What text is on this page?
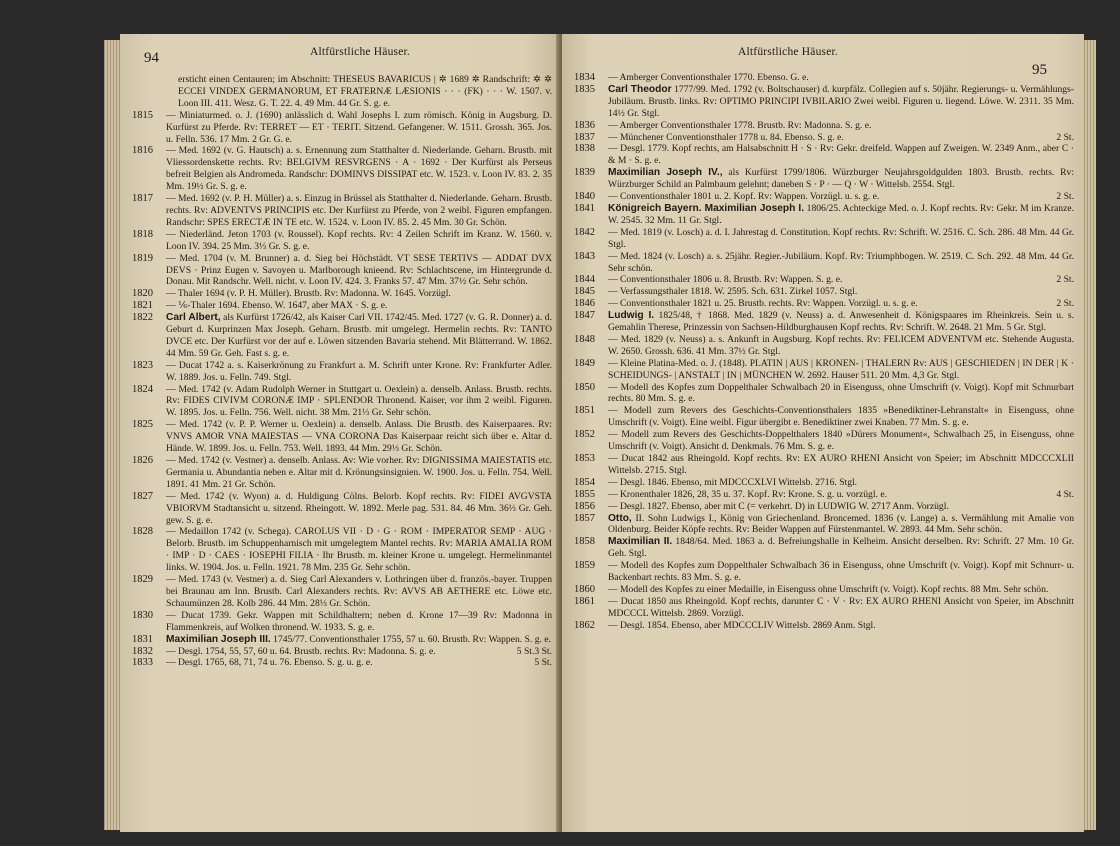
94	Altfürstliche Häuser.

ersticht einen Centauren; im Abschnitt: THESEUS BAVARICUS | ✲ 1689 ✲ Randschrift: ✲ ✲ ECCEI VINDEX GERMANORUM, ET FRATERNÆ LÆSIONIS · · · (FK) · · · W. 1507. v. Loon III. 411. Wesz. G. T. 22. 4. 49 Mm. 44 Gr. S. g. e.

1815 — Miniaturmed. o. J. (1690) anlässlich d. Wahl Josephs I. zum römisch. König in Augsburg. D. Kurfürst zu Pferde. Rv: TERRET — ET · TERIT. Sitzend. Gefangener. W. 1511. Grossh. 365. Jos. u. Felln. 536. 17 Mm. 2 Gr. G. e.

1816 — Med. 1692 (v. G. Hautsch) a. s. Ernennung zum Statthalter d. Niederlande. Geharn. Brustb. mit Vliessordenskette rechts. Rv: BELGIVM RESVRGENS · A · 1692 · Der Kurfürst als Perseus befreit Belgien als Andromeda. Randschr: DOMINVS DISSIPAT etc. W. 1523. v. Loon IV. 83. 2. 35 Mm. 19½ Gr. S. g. e.

1817 — Med. 1692 (v. P. H. Müller) a. s. Einzug in Brüssel als Statthalter d. Niederlande. Geharn. Brustb. rechts. Rv: ADVENTVS PRINCIPIS etc. Der Kurfürst zu Pferde, von 2 weibl. Figuren empfangen. Randschr: SPES ERECTÆ IN TE etc. W. 1524. v. Loon IV. 85. 2. 45 Mm. 30 Gr. Schön.

1818 — Niederländ. Jeton 1703 (v. Roussel). Kopf rechts. Rv: 4 Zeilen Schrift im Kranz. W. 1560. v. Loon IV. 394. 25 Mm. 3⅓ Gr. S. g. e.

1819 — Med. 1704 (v. M. Brunner) a. d. Sieg bei Höchstädt. VT SESE TERTIVS — ADDAT DVX DEVS · Prinz Eugen v. Savoyen u. Marlborough knieend. Rv: Schlachtscene, im Hintergrunde d. Donau. Mit Randschr. Well. nicht. v. Loon IV. 424. 3. Franks 57. 47 Mm. 37½ Gr. Sehr schön.

1820 — Thaler 1694 (v. P. H. Müller). Brustb. Rv: Madonna. W. 1645. Vorzügl.

1821 — ⅙-Thaler 1694. Ebenso. W. 1647, aber MAX · S. g. e.

1822 Carl Albert, als Kurfürst 1726/42, als Kaiser Carl VII. 1742/45. Med. 1727 (v. G. R. Donner) a. d. Geburt d. Kurprinzen Max Joseph. Geharn. Brustb. mit umgelegt. Hermelin rechts. Rv: TANTO DVCE etc. Der Kurfürst vor der auf e. Löwen sitzenden Bavaria stehend. Mit Blätterrand. W. 1862. 44 Mm. 59 Gr. Geh. Fast s. g. e.

1823 — Ducat 1742 a. s. Kaiserkrönung zu Frankfurt a. M. Schrift unter Krone. Rv: Frankfurter Adler. W. 1889. Jos. u. Felln. 749. Stgl.

1824 — Med. 1742 (v. Adam Rudolph Werner in Stuttgart u. Oexlein) a. denselb. Anlass. Brustb. rechts. Rv: FIDES CIVIVM CORONÆ IMP · SPLENDOR Thronend. Kaiser, vor ihm 2 weibl. Figuren. W. 1895. Jos. u. Felln. 756. Well. nicht. 38 Mm. 21⅓ Gr. Sehr schön.

1825 — Med. 1742 (v. P. P. Werner u. Oexlein) a. denselb. Anlass. Die Brustb. des Kaiserpaares. Rv: VNVS AMOR VNA MAIESTAS — VNA CORONA Das Kaiserpaar reicht sich über e. Altar d. Hände. W. 1899. Jos. u. Felln. 753. Well. 1893. 44 Mm. 29⅓ Gr. Schön.

1826 — Med. 1742 (v. Vestner) a. denselb. Anlass. Av: Wie vorher. Rv: DIGNISSIMA MAIESTATIS etc. Germania u. Abundantia neben e. Altar mit d. Krönungsinsignien. W. 1900. Jos. u. Felln. 754. Well. 1891. 41 Mm. 21 Gr. Schön.

1827 — Med. 1742 (v. Wyon) a. d. Huldigung Cölns. Belorb. Kopf rechts. Rv: FIDEI AVGVSTA VBIORVM Stadtansicht u. sitzend. Rheingott. W. 1892. Merle pag. 531. 84. 46 Mm. 36⅓ Gr. Geh. gew. S. g. e.

1828 — Medaillon 1742 (v. Schega). CAROLUS VII · D · G · ROM · IMPERATOR SEMP · AUG · Belorb. Brustb. im Schuppenharnisch mit umgelegtem Mantel rechts. Rv: MARIA AMALIA ROM · IMP · D · CAES · IOSEPHI FILIA · Ihr Brustb. m. kleiner Krone u. umgelegt. Hermelinmantel links. W. 1904. Jos. u. Felln. 1921. 78 Mm. 235 Gr. Sehr schön.

1829 — Med. 1743 (v. Vestner) a. d. Sieg Carl Alexanders v. Lothringen über d. französ.-bayer. Truppen bei Braunau am Inn. Brustb. Carl Alexanders rechts. Rv: AVVS AB AETHERE etc. Löwe etc. Schaumünzen 28. Kolb 286. 44 Mm. 28⅓ Gr. Schön.

1830 — Ducat 1739. Gekr. Wappen mit Schildhaltern; neben d. Krone 17—39 Rv: Madonna in Flammenkreis, auf Wolken thronend. W. 1933. S. g. e.

1831 Maximilian Joseph III. 1745/77. Conventionsthaler 1755, 57 u. 60. Brustb. Rv: Wappen. S. g. e.
3 St.

1832 — Desgl. 1754, 55, 57, 60 u. 64. Brustb. rechts. Rv: Madonna. S. g. e.	5 St.

1833 — Desgl. 1765, 68, 71, 74 u. 76. Ebenso. S. g. u. g. e.	5 St.

Altfürstliche Häuser.
95

1834 — Amberger Conventionsthaler 1770. Ebenso. G. e.

1835 Carl Theodor 1777/99. Med. 1792 (v. Boltschauser) d. kurpfälz. Collegien auf s. 50jähr. Regierungs- u. Vermählungs-Jubiläum. Brustb. links. Rv: OPTIMO PRINCIPI IVBILARIO Zwei weibl. Figuren u. liegend. Löwe. W. 2311. 35 Mm. 14½ Gr. Stgl.

1836 — Amberger Conventionsthaler 1778. Brustb. Rv: Madonna. S. g. e.

1837 — Münchener Conventionsthaler 1778 u. 84. Ebenso. S. g. e.	2 St.

1838 — Desgl. 1779. Kopf rechts, am Halsabschnitt H · S · Rv: Gekr. dreifeld. Wappen auf Zweigen. W. 2349 Anm., aber C · & M · S. g. e.

1839 Maximilian Joseph IV., als Kurfürst 1799/1806. Würzburger Neujahrsgoldgulden 1803. Brustb. rechts. Rv: Würzburger Schild an Palmbaum gelehnt; daneben S · P · — Q · W · Wittelsb. 2554. Stgl.

1840 — Conventionsthaler 1801 u. 2. Kopf. Rv: Wappen. Vorzügl. u. s. g. e.	2 St.

1841 Königreich Bayern. Maximilian Joseph I. 1806/25. Achteckige Med. o. J. Kopf rechts. Rv: Gekr. M im Kranze. W. 2545. 32 Mm. 11 Gr. Stgl.

1842 — Med. 1819 (v. Losch) a. d. I. Jahrestag d. Constitution. Kopf rechts. Rv: Schrift. W. 2516. C. Sch. 286. 48 Mm. 44 Gr. Stgl.

1843 — Med. 1824 (v. Losch) a. s. 25jähr. Regier.-Jubiläum. Kopf. Rv: Triumphbogen. W. 2519. C. Sch. 292. 48 Mm. 44 Gr. Sehr schön.

1844 — Conventionsthaler 1806 u. 8. Brustb. Rv: Wappen. S. g. e.	2 St.

1845 — Verfassungsthaler 1818. W. 2595. Sch. 631. Zirkel 1057. Stgl.

1846 — Conventionsthaler 1821 u. 25. Brustb. rechts. Rv: Wappen. Vorzügl. u. s. g. e.	2 St.

1847 Ludwig I. 1825/48, † 1868. Med. 1829 (v. Neuss) a. d. Anwesenheit d. Königspaares im Rheinkreis. Sein u. s. Gemahlin Therese, Prinzessin von Sachsen-Hildburghausen Kopf rechts. Rv: Schrift. W. 2648. 21 Mm. 5 Gr. Stgl.

1848 — Med. 1829 (v. Neuss) a. s. Ankunft in Augsburg. Kopf rechts. Rv: FELICEM ADVENTVM etc. Stehende Augusta. W. 2650. Grossh. 636. 41 Mm. 37½ Gr. Stgl.

1849 — Kleine Platina-Med. o. J. (1848). PLATIN | AUS | KRONEN- | THALERN Rv: AUS | GESCHIEDEN | IN DER | K · SCHEIDUNGS- | ANSTALT | IN | MÜNCHEN W. 2692. Hauser 511. 20 Mm. 4,3 Gr. Stgl.

1850 — Modell des Kopfes zum Doppelthaler Schwalbach 20 in Eisenguss, ohne Umschrift (v. Voigt). Kopf mit Schnurbart rechts. 80 Mm. S. g. e.

1851 — Modell zum Revers des Geschichts-Conventionsthalers 1835 »Benediktiner-Lehranstalt« in Eisenguss, ohne Umschrift (v. Voigt). Eine weibl. Figur übergibt e. Benediktiner zwei Knaben. 77 Mm. S. g. e.

1852 — Modell zum Revers des Geschichts-Doppelthalers 1840 »Dürers Monument«, Schwalbach 25, in Eisenguss, ohne Umschrift (v. Voigt). Ansicht d. Denkmals. 76 Mm. S. g. e.

1853 — Ducat 1842 aus Rheingold. Kopf rechts. Rv: EX AURO RHENI Ansicht von Speier; im Abschnitt MDCCCXLII Wittelsb. 2715. Stgl.

1854 — Desgl. 1846. Ebenso, mit MDCCCXLVI Wittelsb. 2716. Stgl.

1855 — Kronenthaler 1826, 28, 35 u. 37. Kopf. Rv: Krone. S. g. u. vorzügl. e.	4 St.

1856 — Desgl. 1827. Ebenso, aber mit C (= verkehrt. D) in LUDWIG W. 2717 Anm. Vorzügl.

1857 Otto, II. Sohn Ludwigs I., König von Griechenland. Broncemed. 1836 (v. Lange) a. s. Vermählung mit Amalie von Oldenburg. Beider Köpfe rechts. Rv: Beider Wappen auf Fürstenmantel. W. 2893. 44 Mm. Sehr schön.

1858 Maximilian II. 1848/64. Med. 1863 a. d. Befreiungshalle in Kelheim. Ansicht derselben. Rv: Schrift. 27 Mm. 10 Gr. Geh. Stgl.

1859 — Modell des Kopfes zum Doppelthaler Schwalbach 36 in Eisenguss, ohne Umschrift (v. Voigt). Kopf mit Schnurr- u. Backenbart rechts. 83 Mm. S. g. e.

1860 — Modell des Kopfes zu einer Medaille, in Eisenguss ohne Umschrift (v. Voigt). Kopf rechts. 88 Mm. Sehr schön.

1861 — Ducat 1850 aus Rheingold. Kopf rechts, darunter C · V · Rv: EX AURO RHENI Ansicht von Speier, im Abschnitt MDCCCL Wittelsb. 2869. Vorzügl.

1862 — Desgl. 1854. Ebenso, aber MDCCCLIV Wittelsb. 2869 Anm. Stgl.
